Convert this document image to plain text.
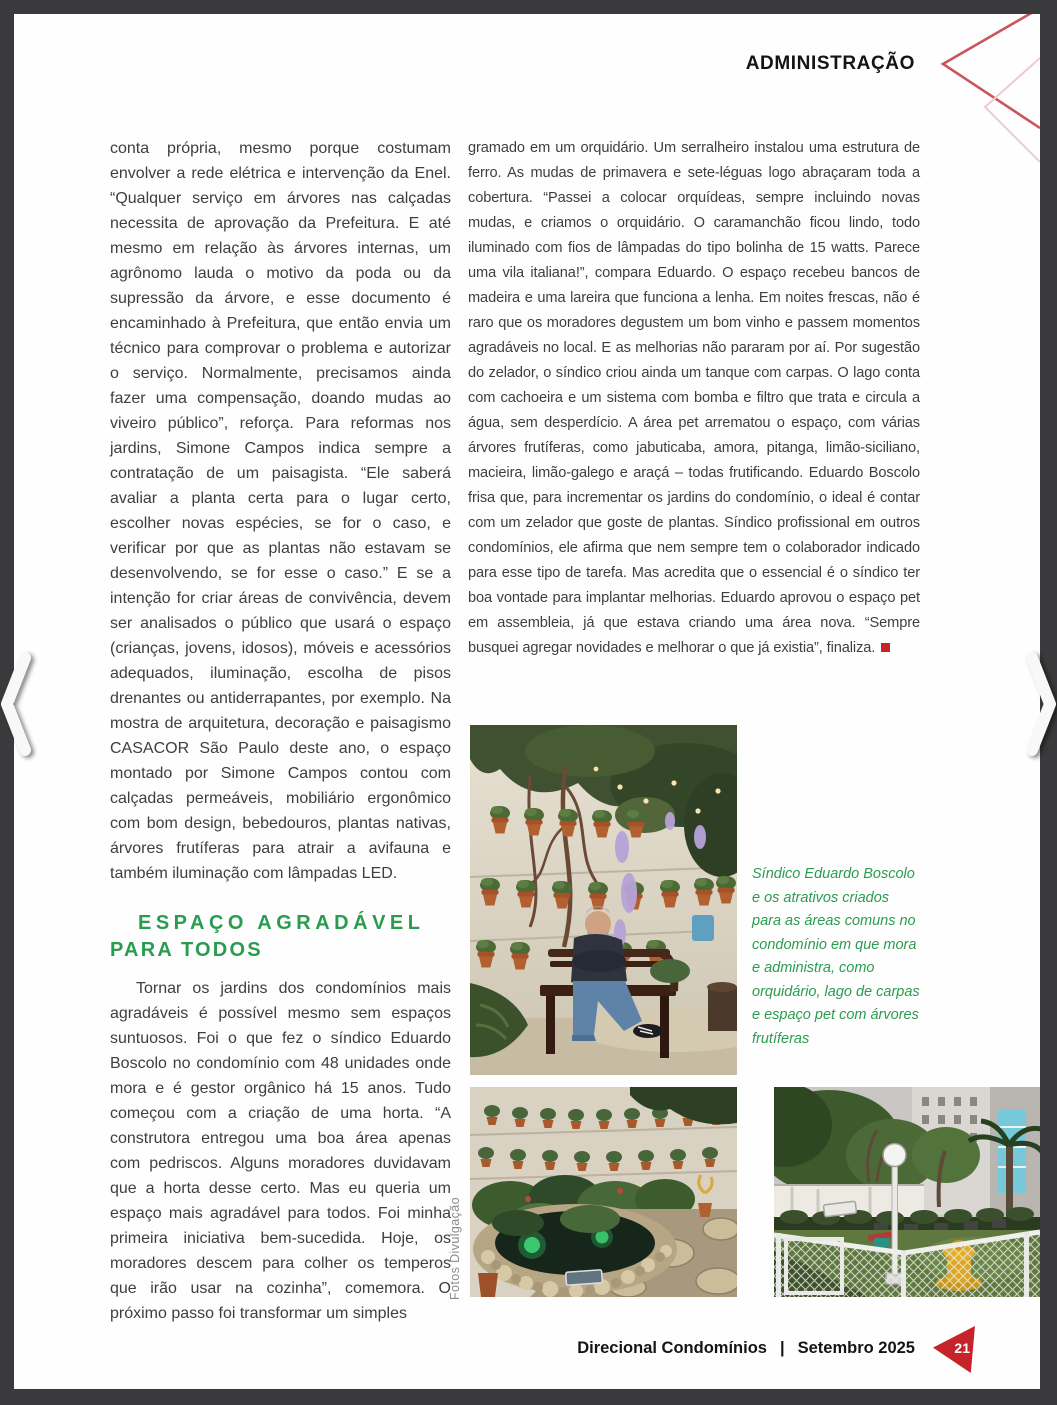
ADMINISTRAÇÃO

conta própria, mesmo porque costumam envolver a rede elétrica e intervenção da Enel. “Qualquer serviço em árvores nas calçadas necessita de aprovação da Prefeitura. E até mesmo em relação às árvores internas, um agrônomo lauda o motivo da poda ou da supressão da árvore, e esse documento é encaminhado à Prefeitura, que então envia um técnico para comprovar o problema e autorizar o serviço. Normalmente, precisamos ainda fazer uma compensação, doando mudas ao viveiro público”, reforça. Para reformas nos jardins, Simone Campos indica sempre a contratação de um paisagista. “Ele saberá avaliar a planta certa para o lugar certo, escolher novas espécies, se for o caso, e verificar por que as plantas não estavam se desenvolvendo, se for esse o caso.” E se a intenção for criar áreas de convivência, devem ser analisados o público que usará o espaço (crianças, jovens, idosos), móveis e acessórios adequados, iluminação, escolha de pisos drenantes ou antiderrapantes, por exemplo. Na mostra de arquitetura, decoração e paisagismo CASACOR São Paulo deste ano, o espaço montado por Simone Campos contou com calçadas permeáveis, mobiliário ergonômico com bom design, bebedouros, plantas nativas, árvores frutíferas para atrair a avifauna e também iluminação com lâmpadas LED.

ESPAÇO AGRADÁVEL
PARA TODOS

Tornar os jardins dos condomínios mais agradáveis é possível mesmo sem espaços suntuosos. Foi o que fez o síndico Eduardo Boscolo no condomínio com 48 unidades onde mora e é gestor orgânico há 15 anos. Tudo começou com a criação de uma horta. “A construtora entregou uma boa área apenas com pedriscos. Alguns moradores duvidavam que a horta desse certo. Mas eu queria um espaço mais agradável para todos. Foi minha primeira iniciativa bem-sucedida. Hoje, os moradores descem para colher os temperos que irão usar na cozinha”, comemora. O próximo passo foi transformar um simples

gramado em um orquidário. Um serralheiro instalou uma estrutura de ferro. As mudas de primavera e sete-léguas logo abraçaram toda a cobertura. “Passei a colocar orquídeas, sempre incluindo novas mudas, e criamos o orquidário. O caramanchão ficou lindo, todo iluminado com fios de lâmpadas do tipo bolinha de 15 watts. Parece uma vila italiana!”, compara Eduardo. O espaço recebeu bancos de madeira e uma lareira que funciona a lenha. Em noites frescas, não é raro que os moradores degustem um bom vinho e passem momentos agradáveis no local. E as melhorias não pararam por aí. Por sugestão do zelador, o síndico criou ainda um tanque com carpas. O lago conta com cachoeira e um sistema com bomba e filtro que trata e circula a água, sem desperdício. A área pet arrematou o espaço, com várias árvores frutíferas, como jabuticaba, amora, pitanga, limão-siciliano, macieira, limão-galego e araçá – todas frutificando. Eduardo Boscolo frisa que, para incrementar os jardins do condomínio, o ideal é contar com um zelador que goste de plantas. Síndico profissional em outros condomínios, ele afirma que nem sempre tem o colaborador indicado para esse tipo de tarefa. Mas acredita que o essencial é o síndico ter boa vontade para implantar melhorias. Eduardo aprovou o espaço pet em assembleia, já que estava criando uma área nova. “Sempre busquei agregar novidades e melhorar o que já existia”, finaliza.

Síndico Eduardo Boscolo e os atrativos criados para as áreas comuns no condomínio em que mora e administra, como orquidário, lago de carpas e espaço pet com árvores frutíferas
Fotos Divulgação
Direcional Condomínios | Setembro 2025	21
